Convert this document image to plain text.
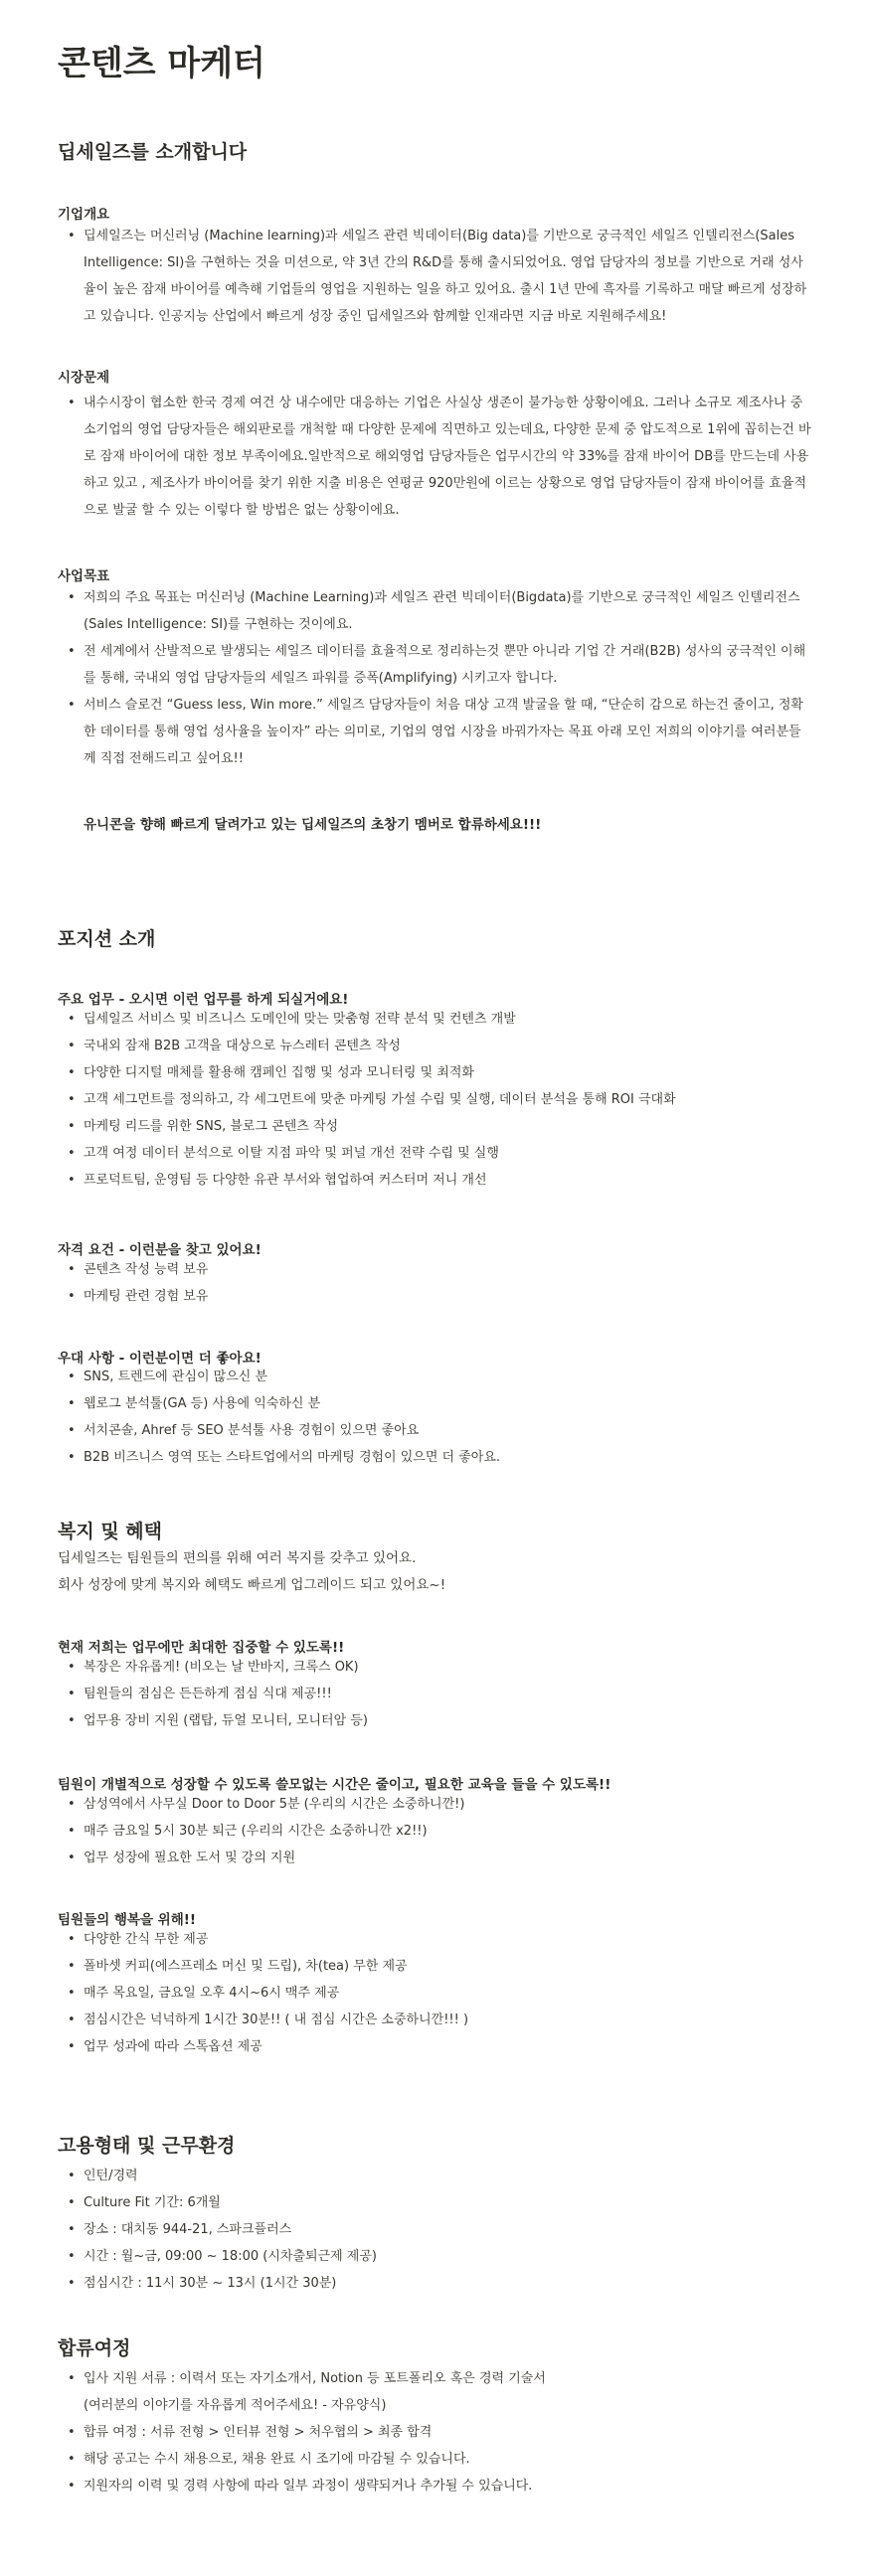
콘텐츠 마케터
딥세일즈를 소개합니다
기업개요
• 딥세일즈는 머신러닝 (Machine learning)과 세일즈 관련 빅데이터(Big data)를 기반으로 궁극적인 세일즈 인텔리전스(Sales Intelligence: SI)을 구현하는 것을 미션으로, 약 3년 간의 R&D를 통해 출시되었어요. 영업 담당자의 정보를 기반으로 거래 성사율이 높은 잠재 바이어를 예측해 기업들의 영업을 지원하는 일을 하고 있어요. 출시 1년 만에 흑자를 기록하고 매달 빠르게 성장하고 있습니다. 인공지능 산업에서 빠르게 성장 중인 딥세일즈와 함께할 인재라면 지금 바로 지원해주세요!
시장문제
• 내수시장이 협소한 한국 경제 여건 상 내수에만 대응하는 기업은 사실상 생존이 불가능한 상황이에요. 그러나 소규모 제조사나 중소기업의 영업 담당자들은 해외판로를 개척할 때 다양한 문제에 직면하고 있는데요, 다양한 문제 중 압도적으로 1위에 꼽히는건 바로 잠재 바이어에 대한 정보 부족이에요.일반적으로 해외영업 담당자들은 업무시간의 약 33%를 잠재 바이어 DB를 만드는데 사용하고 있고 , 제조사가 바이어를 찾기 위한 지출 비용은 연평균 920만원에 이르는 상황으로 영업 담당자들이 잠재 바이어를 효율적으로 발굴 할 수 있는 이렇다 할 방법은 없는 상황이에요.
사업목표
• 저희의 주요 목표는 머신러닝 (Machine Learning)과 세일즈 관련 빅데이터(Bigdata)를 기반으로 궁극적인 세일즈 인텔리전스(Sales Intelligence: SI)를 구현하는 것이에요.
• 전 세계에서 산발적으로 발생되는 세일즈 데이터를 효율적으로 정리하는것 뿐만 아니라 기업 간 거래(B2B) 성사의 궁극적인 이해를 통해, 국내외 영업 담당자들의 세일즈 파워를 증폭(Amplifying) 시키고자 합니다.
• 서비스 슬로건 “Guess less, Win more.” 세일즈 담당자들이 처음 대상 고객 발굴을 할 때, “단순히 감으로 하는건 줄이고, 정확한 데이터를 통해 영업 성사율을 높이자” 라는 의미로, 기업의 영업 시장을 바꿔가자는 목표 아래 모인 저희의 이야기를 여러분들께 직접 전해드리고 싶어요!!
유니콘을 향해 빠르게 달려가고 있는 딥세일즈의 초창기 멤버로 합류하세요!!!
포지션 소개
주요 업무 - 오시면 이런 업무를 하게 되실거에요!
• 딥세일즈 서비스 및 비즈니스 도메인에 맞는 맞춤형 전략 분석 및 컨텐츠 개발
• 국내외 잠재 B2B 고객을 대상으로 뉴스레터 콘텐츠 작성
• 다양한 디지털 매체를 활용해 캠페인 집행 및 성과 모니터링 및 최적화
• 고객 세그먼트를 정의하고, 각 세그먼트에 맞춘 마케팅 가설 수립 및 실행, 데이터 분석을 통해 ROI 극대화
• 마케팅 리드를 위한 SNS, 블로그 콘텐츠 작성
• 고객 여정 데이터 분석으로 이탈 지점 파악 및 퍼널 개선 전략 수립 및 실행
• 프로덕트팀, 운영팀 등 다양한 유관 부서와 협업하여 커스터머 저니 개선
자격 요건 - 이런분을 찾고 있어요!
• 콘텐츠 작성 능력 보유
• 마케팅 관련 경험 보유
우대 사항 - 이런분이면 더 좋아요!
• SNS, 트렌드에 관심이 많으신 분
• 웹로그 분석툴(GA 등) 사용에 익숙하신 분
• 서치콘솔, Ahref 등 SEO 분석툴 사용 경험이 있으면 좋아요
• B2B 비즈니스 영역 또는 스타트업에서의 마케팅 경험이 있으면 더 좋아요.
복지 및 혜택
딥세일즈는 팀원들의 편의를 위해 여러 복지를 갖추고 있어요.
회사 성장에 맞게 복지와 혜택도 빠르게 업그레이드 되고 있어요~!
현재 저희는 업무에만 최대한 집중할 수 있도록!!
• 복장은 자유롭게! (비오는 날 반바지, 크록스 OK)
• 팀원들의 점심은 든든하게 점심 식대 제공!!!
• 업무용 장비 지원 (랩탑, 듀얼 모니터, 모니터암 등)
팀원이 개별적으로 성장할 수 있도록 쓸모없는 시간은 줄이고, 필요한 교육을 들을 수 있도록!!
• 삼성역에서 사무실 Door to Door 5분 (우리의 시간은 소중하니깐!)
• 매주 금요일 5시 30분 퇴근 (우리의 시간은 소중하니깐 x2!!)
• 업무 성장에 필요한 도서 및 강의 지원
팀원들의 행복을 위해!!
• 다양한 간식 무한 제공
• 폴바셋 커피(에스프레소 머신 및 드립), 차(tea) 무한 제공
• 매주 목요일, 금요일 오후 4시~6시 맥주 제공
• 점심시간은 넉넉하게 1시간 30분!! ( 내 점심 시간은 소중하니깐!!! )
• 업무 성과에 따라 스톡옵션 제공
고용형태 및 근무환경
• 인턴/경력
• Culture Fit 기간: 6개월
• 장소 : 대치동 944-21, 스파크플러스
• 시간 : 월~금, 09:00 ~ 18:00 (시차출퇴근제 제공)
• 점심시간 : 11시 30분 ~ 13시 (1시간 30분)
합류여정
• 입사 지원 서류 : 이력서 또는 자기소개서, Notion 등 포트폴리오 혹은 경력 기술서
(여러분의 이야기를 자유롭게 적어주세요! - 자유양식)
• 합류 여정 : 서류 전형 > 인터뷰 전형 > 처우협의 > 최종 합격
• 해당 공고는 수시 채용으로, 채용 완료 시 조기에 마감될 수 있습니다.
• 지원자의 이력 및 경력 사항에 따라 일부 과정이 생략되거나 추가될 수 있습니다.
